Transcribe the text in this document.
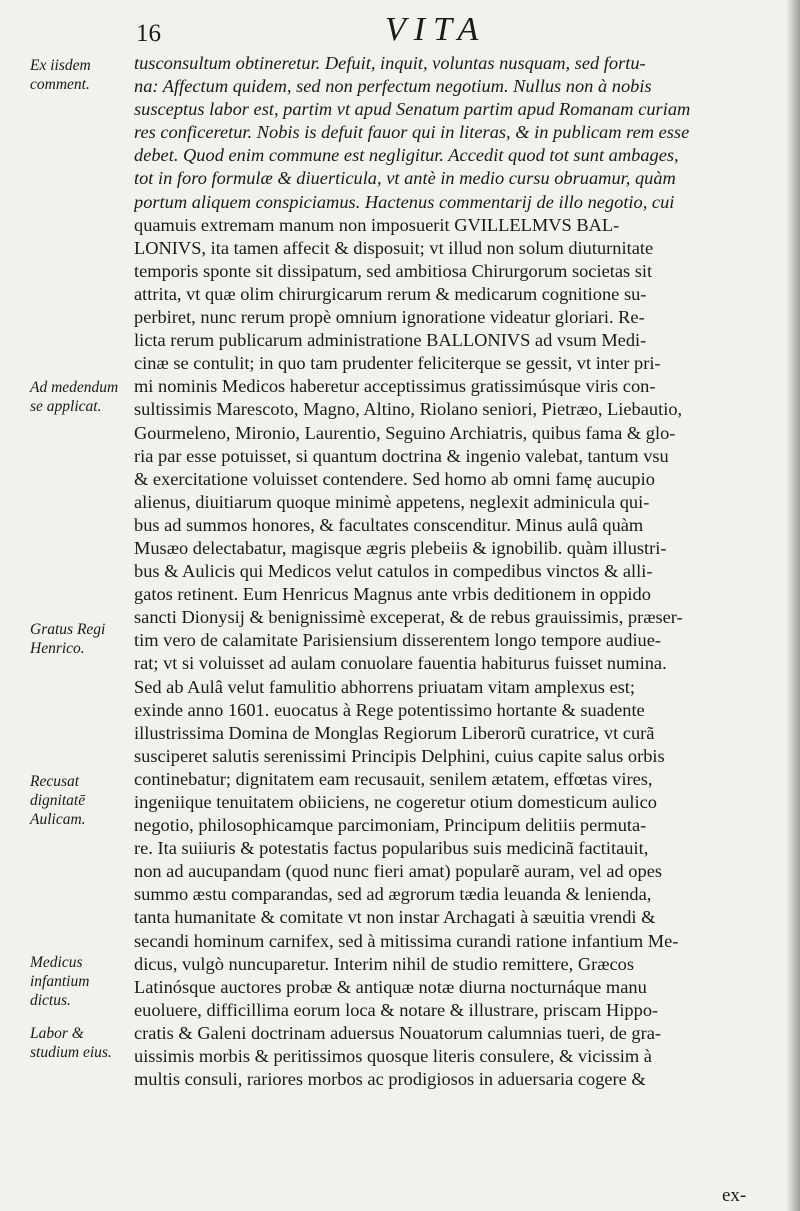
16	VITA
Ex iisdem comment.
Ad medendum se applicat.
Gratus Regi Henrico.
Recusat dignitatē Aulicam.
Medicus infantium dictus.
Labor & studium eius.
tusconsultum obtineretur. Defuit, inquit, voluntas nusquam, sed fortu-
na: Affectum quidem, sed non perfectum negotium. Nullus non à nobis
susceptus labor est, partim vt apud Senatum partim apud Romanam curiam
res conficeretur. Nobis is defuit fauor qui in literas, & in publicam rem esse
debet. Quod enim commune est negligitur. Accedit quod tot sunt ambages,
tot in foro formulæ & diuerticula, vt antè in medio cursu obruamur, quàm
portum aliquem conspiciamus. Hactenus commentarij de illo negotio, cui
quamuis extremam manum non imposuerit GVILLELMVS BAL-
LONIVS, ita tamen affecit & disposuit; vt illud non solum diuturnitate
temporis sponte sit dissipatum, sed ambitiosa Chirurgorum societas sit
attrita, vt quæ olim chirurgicarum rerum & medicarum cognitione su-
perbiret, nunc rerum propè omnium ignoratione videatur gloriari. Re-
licta rerum publicarum administratione BALLONIVS ad vsum Medi-
cinæ se contulit; in quo tam prudenter feliciterque se gessit, vt inter pri-
mi nominis Medicos haberetur acceptissimus gratissimúsque viris con-
sultissimis Marescoto, Magno, Altino, Riolano seniori, Pietræo, Liebautio,
Gourmeleno, Mironio, Laurentio, Seguino Archiatris, quibus fama & glo-
ria par esse potuisset, si quantum doctrina & ingenio valebat, tantum vsu
& exercitatione voluisset contendere. Sed homo ab omni famę aucupio
alienus, diuitiarum quoque minimè appetens, neglexit adminicula qui-
bus ad summos honores, & facultates conscenditur. Minus aulâ quàm
Musæo delectabatur, magisque ægris plebeiis & ignobilib. quàm illustri-
bus & Aulicis qui Medicos velut catulos in compedibus vinctos & alli-
gatos retinent. Eum Henricus Magnus ante vrbis deditionem in oppido
sancti Dionysij & benignissimè exceperat, & de rebus grauissimis, præser-
tim vero de calamitate Parisiensium disserentem longo tempore audiue-
rat; vt si voluisset ad aulam conuolare fauentia habiturus fuisset numina.
Sed ab Aulâ velut famulitio abhorrens priuatam vitam amplexus est;
exinde anno 1601. euocatus à Rege potentissimo hortante & suadente
illustrissima Domina de Monglas Regiorum Liberorũ curatrice, vt curã
susciperet salutis serenissimi Principis Delphini, cuius capite salus orbis
continebatur; dignitatem eam recusauit, senilem ætatem, effœtas vires,
ingeniique tenuitatem obiiciens, ne cogeretur otium domesticum aulico
negotio, philosophicamque parcimoniam, Principum delitiis permuta-
re. Ita suiiuris & potestatis factus popularibus suis medicinã factitauit,
non ad aucupandam (quod nunc fieri amat) popularẽ auram, vel ad opes
summo æstu comparandas, sed ad ægrorum tædia leuanda & lenienda,
tanta humanitate & comitate vt non instar Archagati à sæuitia vrendi &
secandi hominum carnifex, sed à mitissima curandi ratione infantium Me-
dicus, vulgò nuncuparetur. Interim nihil de studio remittere, Græcos
Latinósque auctores probæ & antiquæ notæ diurna nocturnáque manu
euoluere, difficillima eorum loca & notare & illustrare, priscam Hippo-
cratis & Galeni doctrinam aduersus Nouatorum calumnias tueri, de gra-
uissimis morbis & peritissimos quosque literis consulere, & vicissim à
multis consuli, rariores morbos ac prodigiosos in aduersaria cogere &
ex-
